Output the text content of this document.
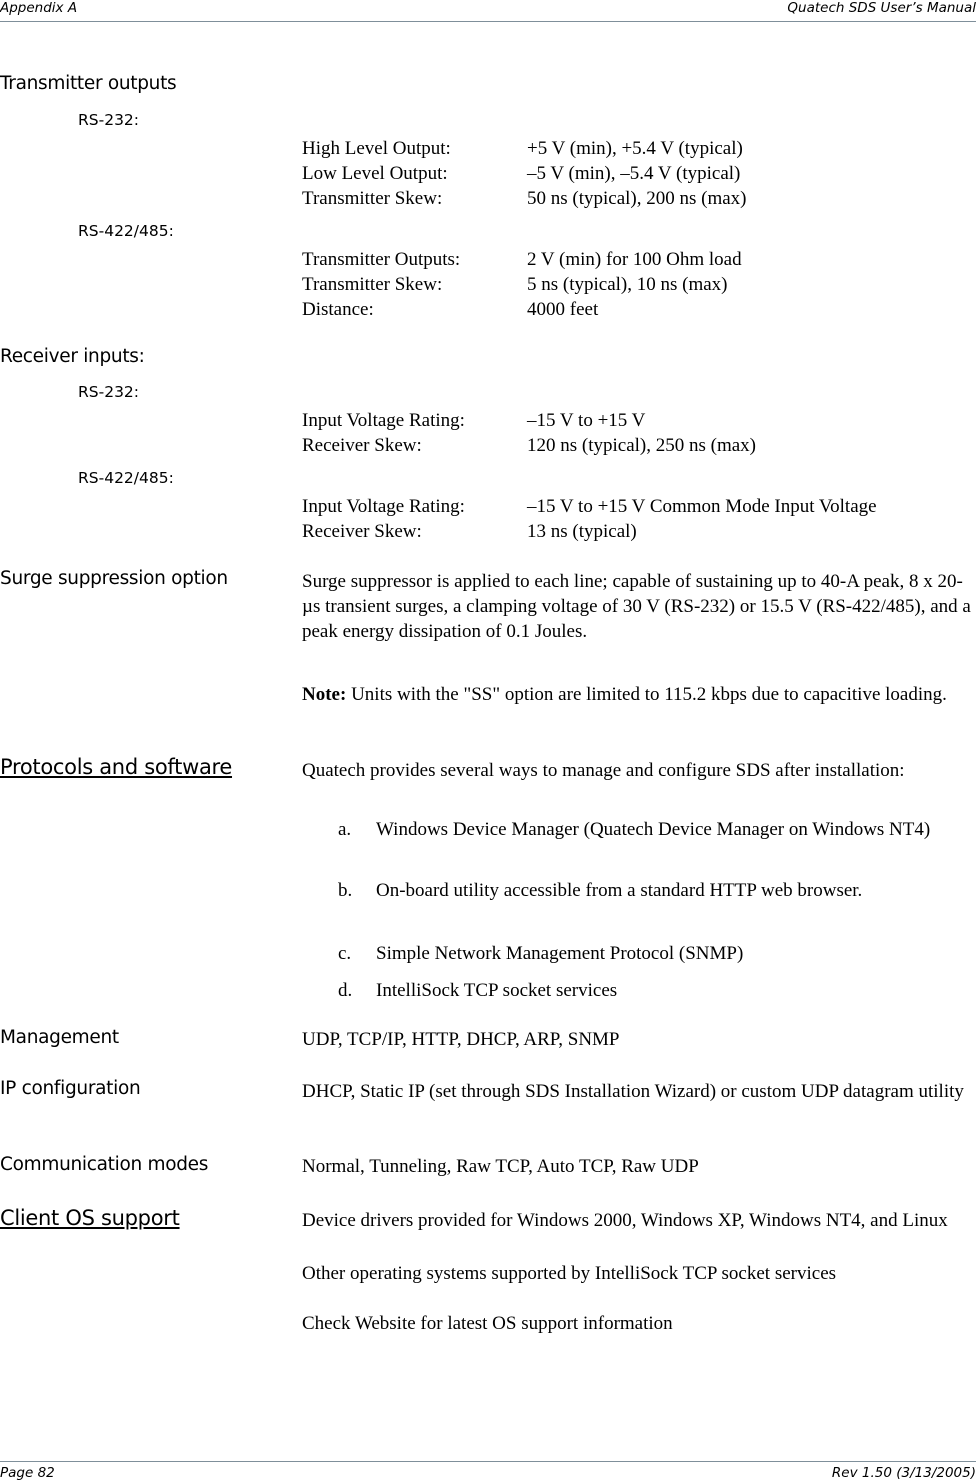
Appendix A	Quatech SDS User’s Manual
Transmitter outputs
RS-232:
High Level Output:	+5 V (min), +5.4 V (typical)
Low Level Output:	–5 V (min), –5.4 V (typical)
Transmitter Skew:	50 ns (typical), 200 ns (max)
RS-422/485:
Transmitter Outputs:	2 V (min) for 100 Ohm load
Transmitter Skew:	5 ns (typical), 10 ns (max)
Distance:	4000 feet
Receiver inputs:
RS-232:
Input Voltage Rating:	–15 V to +15 V
Receiver Skew:	120 ns (typical), 250 ns (max)
RS-422/485:
Input Voltage Rating:	–15 V to +15 V Common Mode Input Voltage
Receiver Skew:	13 ns (typical)
Surge suppression option	Surge suppressor is applied to each line; capable of sustaining up to 40-A peak, 8 x 20-µs transient surges, a clamping voltage of 30 V (RS-232) or 15.5 V (RS-422/485), and a peak energy dissipation of 0.1 Joules.
Note: Units with the "SS" option are limited to 115.2 kbps due to capacitive loading.
Protocols and software	Quatech provides several ways to manage and configure SDS after installation:
a. Windows Device Manager (Quatech Device Manager on Windows NT4)
b. On-board utility accessible from a standard HTTP web browser.
c. Simple Network Management Protocol (SNMP)
d. IntelliSock TCP socket services
Management	UDP, TCP/IP, HTTP, DHCP, ARP, SNMP
IP configuration	DHCP, Static IP (set through SDS Installation Wizard) or custom UDP datagram utility
Communication modes	Normal, Tunneling, Raw TCP, Auto TCP, Raw UDP
Client OS support	Device drivers provided for Windows 2000, Windows XP, Windows NT4, and Linux
Other operating systems supported by IntelliSock TCP socket services
Check Website for latest OS support information
Page 82	Rev 1.50 (3/13/2005)
